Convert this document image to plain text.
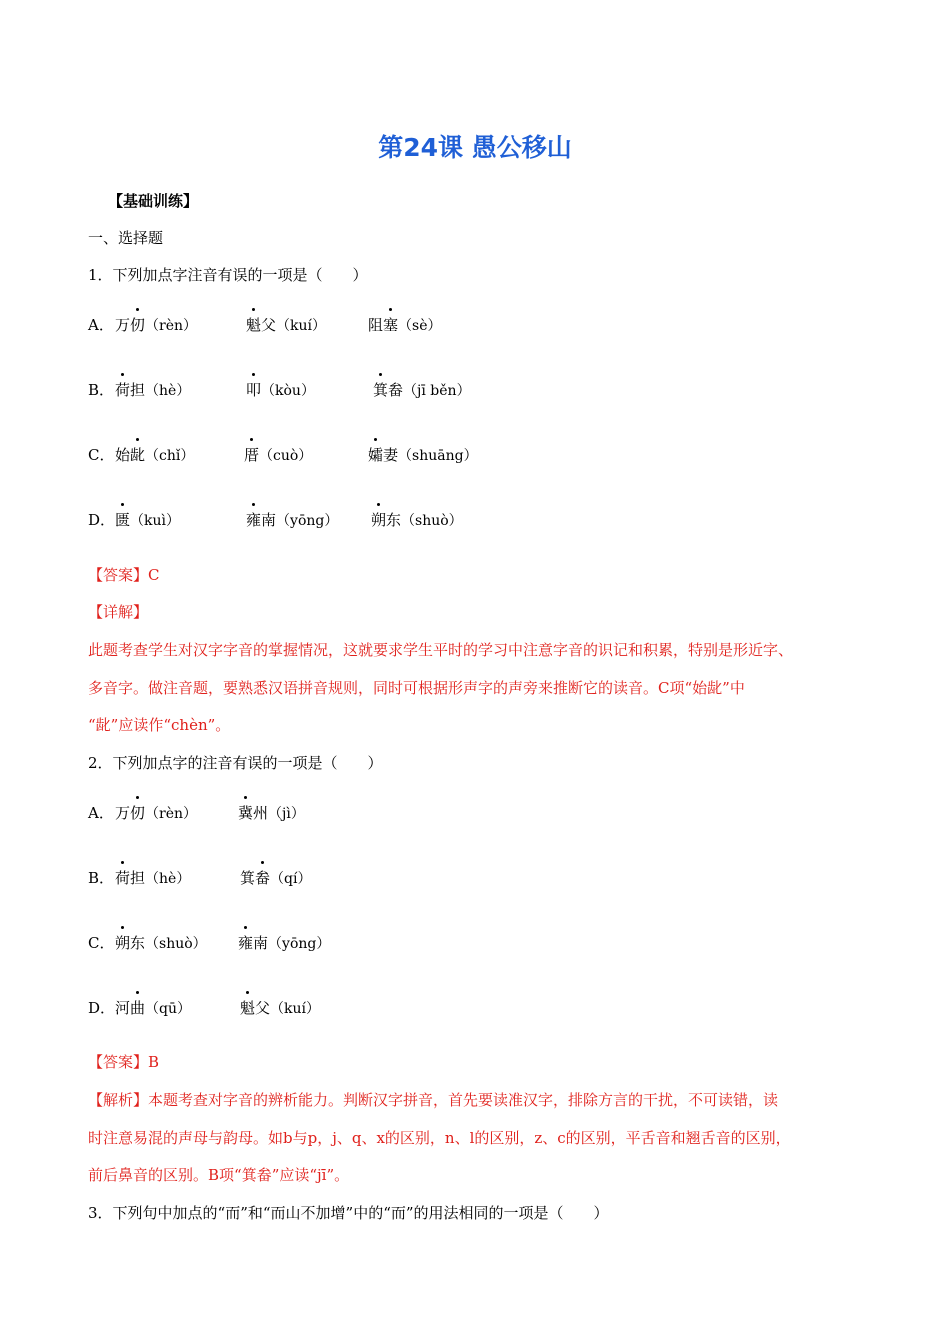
第24课 愚公移山
【基础训练】
一、选择题
1．下列加点字注音有误的一项是（　　）
A． 万仞（rèn）	魁父（kuí）	阻塞（sè）
B． 荷担（hè）	叩（kòu）	箕畚（jī běn）
C． 始龀（chǐ）	厝（cuò）	孀妻（shuāng）
D． 匮（kuì）	雍南（yōng） 朔东（shuò）
【答案】C
【详解】
此题考查学生对汉字字音的掌握情况，这就要求学生平时的学习中注意字音的识记和积累，特别是形近字、
多音字。做注音题，要熟悉汉语拼音规则，同时可根据形声字的声旁来推断它的读音。C项“始龀”中
“龀”应读作“chèn”。
2．下列加点字的注音有误的一项是（　　）
A． 万仞（rèn）	冀州（jì）
B． 荷担（hè）	箕畚（qí）
C． 朔东（shuò） 雍南（yōng）
D． 河曲（qū）	魁父（kuí）
【答案】B
【解析】本题考查对字音的辨析能力。判断汉字拼音，首先要读准汉字，排除方言的干扰，不可读错，读
时注意易混的声母与韵母。如b与p，j、q、x的区别，n、l的区别，z、c的区别，平舌音和翘舌音的区别，
前后鼻音的区别。B项“箕畚”应读“jī”。
3．下列句中加点的“而”和“而山不加增”中的“而”的用法相同的一项是（　　）
